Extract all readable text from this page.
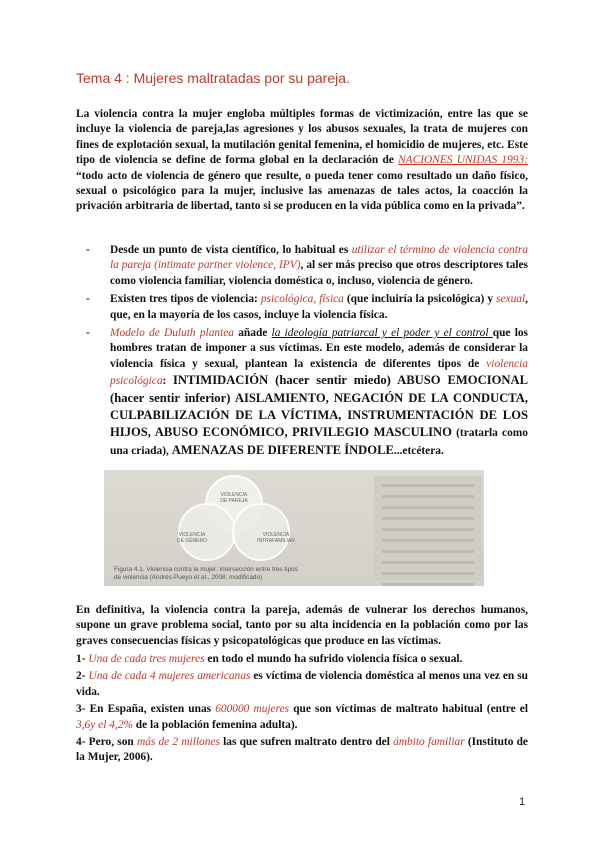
Tema 4 : Mujeres maltratadas por su pareja.

La violencia contra la mujer engloba múltiples formas de victimización, entre las que se incluye la violencia de pareja,las agresiones y los abusos sexuales, la trata de mujeres con fines de explotación sexual, la mutilación genital femenina, el homicidio de mujeres, etc. Este tipo de violencia se define de forma global en la declaración de NACIONES UNIDAS 1993: “todo acto de violencia de género que resulte, o pueda tener como resultado un daño físico, sexual o psicológico para la mujer, inclusive las amenazas de tales actos, la coacción la privación arbitraria de libertad, tanto si se producen en la vida pública como en la privada”.

- Desde un punto de vista científico, lo habitual es utilizar el término de violencia contra la pareja (intimate partner violence, IPV), al ser más preciso que otros descriptores tales como violencia familiar, violencia doméstica o, incluso, violencia de género.
- Existen tres tipos de violencia: psicológica, física (que incluiría la psicológica) y sexual, que, en la mayoría de los casos, incluye la violencia física.
- Modelo de Duluth plantea añade la ideología patriarcal y el poder y el control que los hombres tratan de imponer a sus víctimas. En este modelo, además de considerar la violencia física y sexual, plantean la existencia de diferentes tipos de violencia psicológica: INTIMIDACIÓN (hacer sentir miedo) ABUSO EMOCIONAL (hacer sentir inferior) AISLAMIENTO, NEGACIÓN DE LA CONDUCTA, CULPABILIZACIÓN DE LA VÍCTIMA, INSTRUMENTACIÓN DE LOS HIJOS, ABUSO ECONÓMICO, PRIVILEGIO MASCULINO (tratarla como una criada), AMENAZAS DE DIFERENTE ÍNDOLE...etcétera.
VIOLENCIA DE PAREJA
VIOLENCIA DE GÉNERO
VIOLENCIA INTRAFAMILIAR
Figura 4.1. Violencia contra la mujer: intersección entre tres tipos
de violencia (Andrés-Pueyo et al., 2008; modificado)

En definitiva, la violencia contra la pareja, además de vulnerar los derechos humanos, supone un grave problema social, tanto por su alta incidencia en la población como por las graves consecuencias físicas y psicopatológicas que produce en las víctimas.

1- Una de cada tres mujeres en todo el mundo ha sufrido violencia física o sexual.

2- Una de cada 4 mujeres americanas es víctima de violencia doméstica al menos una vez en su vida.

3- En España, existen unas 600000 mujeres que son víctimas de maltrato habitual (entre el 3,6y el 4,2% de la población femenina adulta).

4- Pero, son más de 2 millones las que sufren maltrato dentro del ámbito familiar (Instituto de la Mujer, 2006).

1
